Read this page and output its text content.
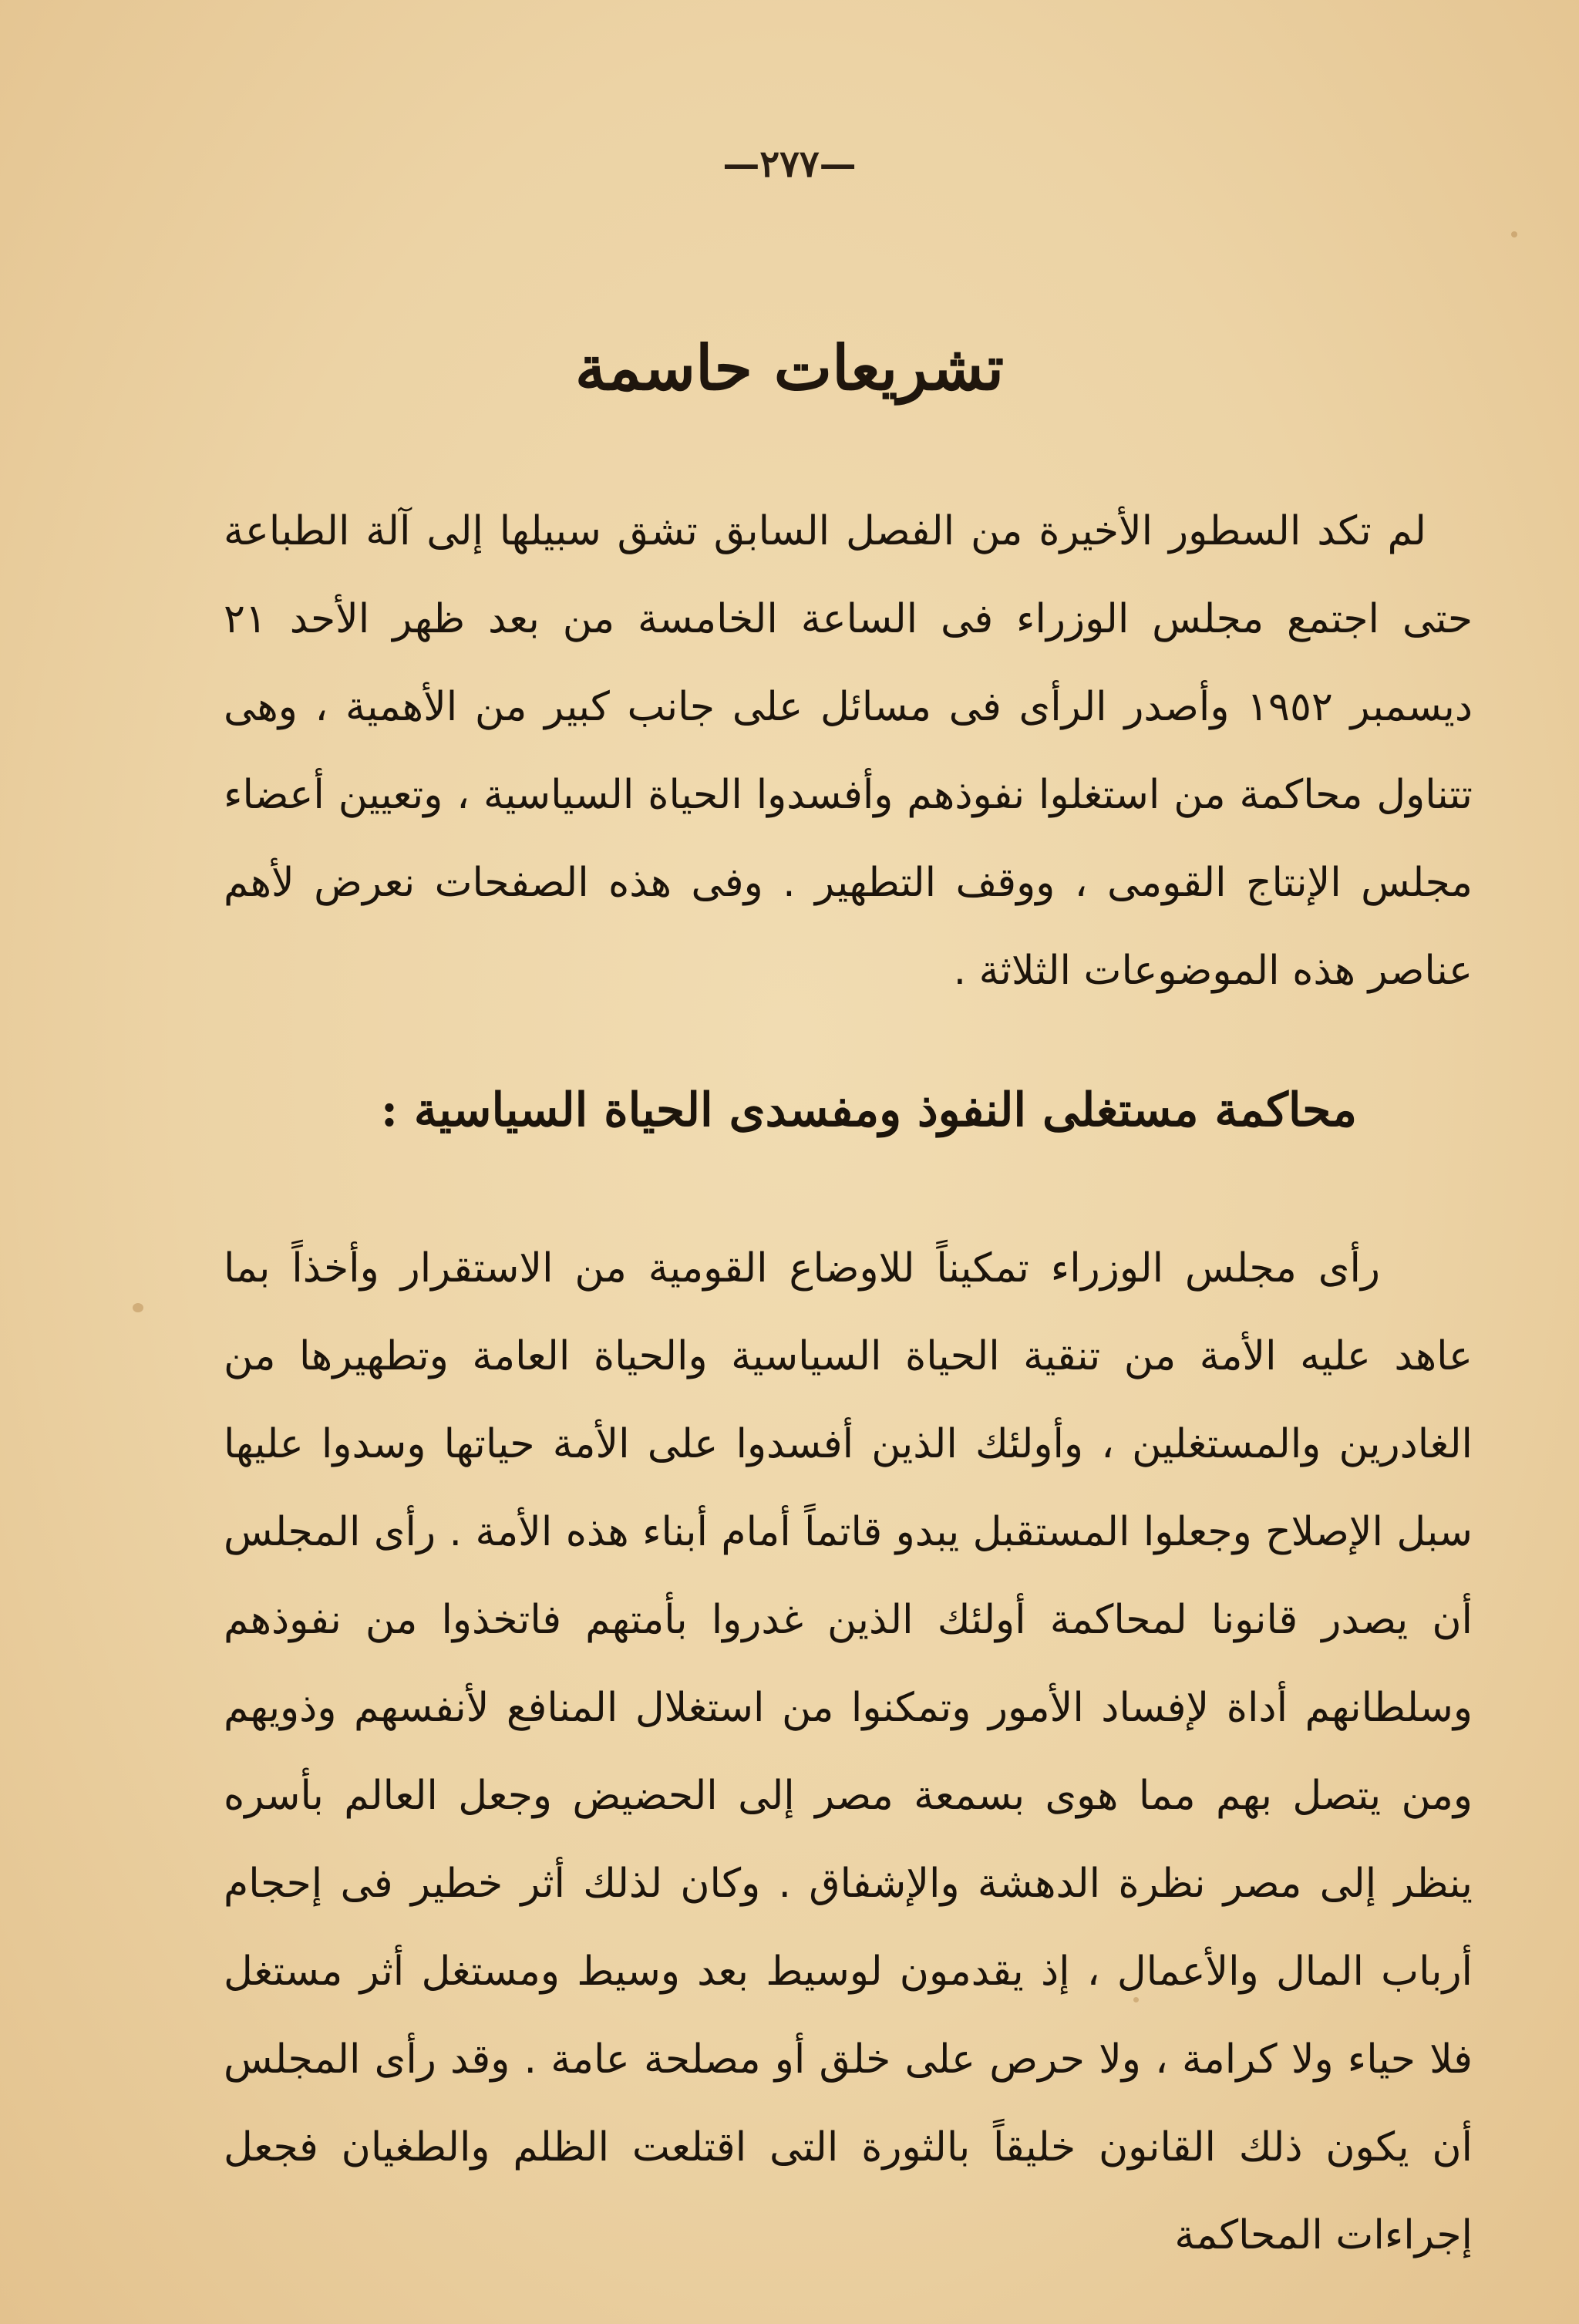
—٢٧٧—
تشريعات حاسمة

لم تكد السطور الأخيرة من الفصل السابق تشق سبيلها إلى آلة الطباعة حتى اجتمع مجلس الوزراء فى الساعة الخامسة من بعد ظهر الأحد ٢١ ديسمبر ١٩٥٢ وأصدر الرأى فى مسائل على جانب كبير من الأهمية ، وهى تتناول محاكمة من استغلوا نفوذهم وأفسدوا الحياة السياسية ، وتعيين أعضاء مجلس الإنتاج القومى ، ووقف التطهير . وفى هذه الصفحات نعرض لأهم عناصر هذه الموضوعات الثلاثة .

محاكمة مستغلى النفوذ ومفسدى الحياة السياسية :

رأى مجلس الوزراء تمكيناً للاوضاع القومية من الاستقرار وأخذاً بما عاهد عليه الأمة من تنقية الحياة السياسية والحياة العامة وتطهيرها من الغادرين والمستغلين ، وأولئك الذين أفسدوا على الأمة حياتها وسدوا عليها سبل الإصلاح وجعلوا المستقبل يبدو قاتماً أمام أبناء هذه الأمة . رأى المجلس أن يصدر قانونا لمحاكمة أولئك الذين غدروا بأمتهم فاتخذوا من نفوذهم وسلطانهم أداة لإفساد الأمور وتمكنوا من استغلال المنافع لأنفسهم وذويهم ومن يتصل بهم مما هوى بسمعة مصر إلى الحضيض وجعل العالم بأسره ينظر إلى مصر نظرة الدهشة والإشفاق . وكان لذلك أثر خطير فى إحجام أرباب المال والأعمال ، إذ يقدمون لوسيط بعد وسيط ومستغل أثر مستغل فلا حياء ولا كرامة ، ولا حرص على خلق أو مصلحة عامة . وقد رأى المجلس أن يكون ذلك القانون خليقاً بالثورة التى اقتلعت الظلم والطغيان فجعل إجراءات المحاكمة
